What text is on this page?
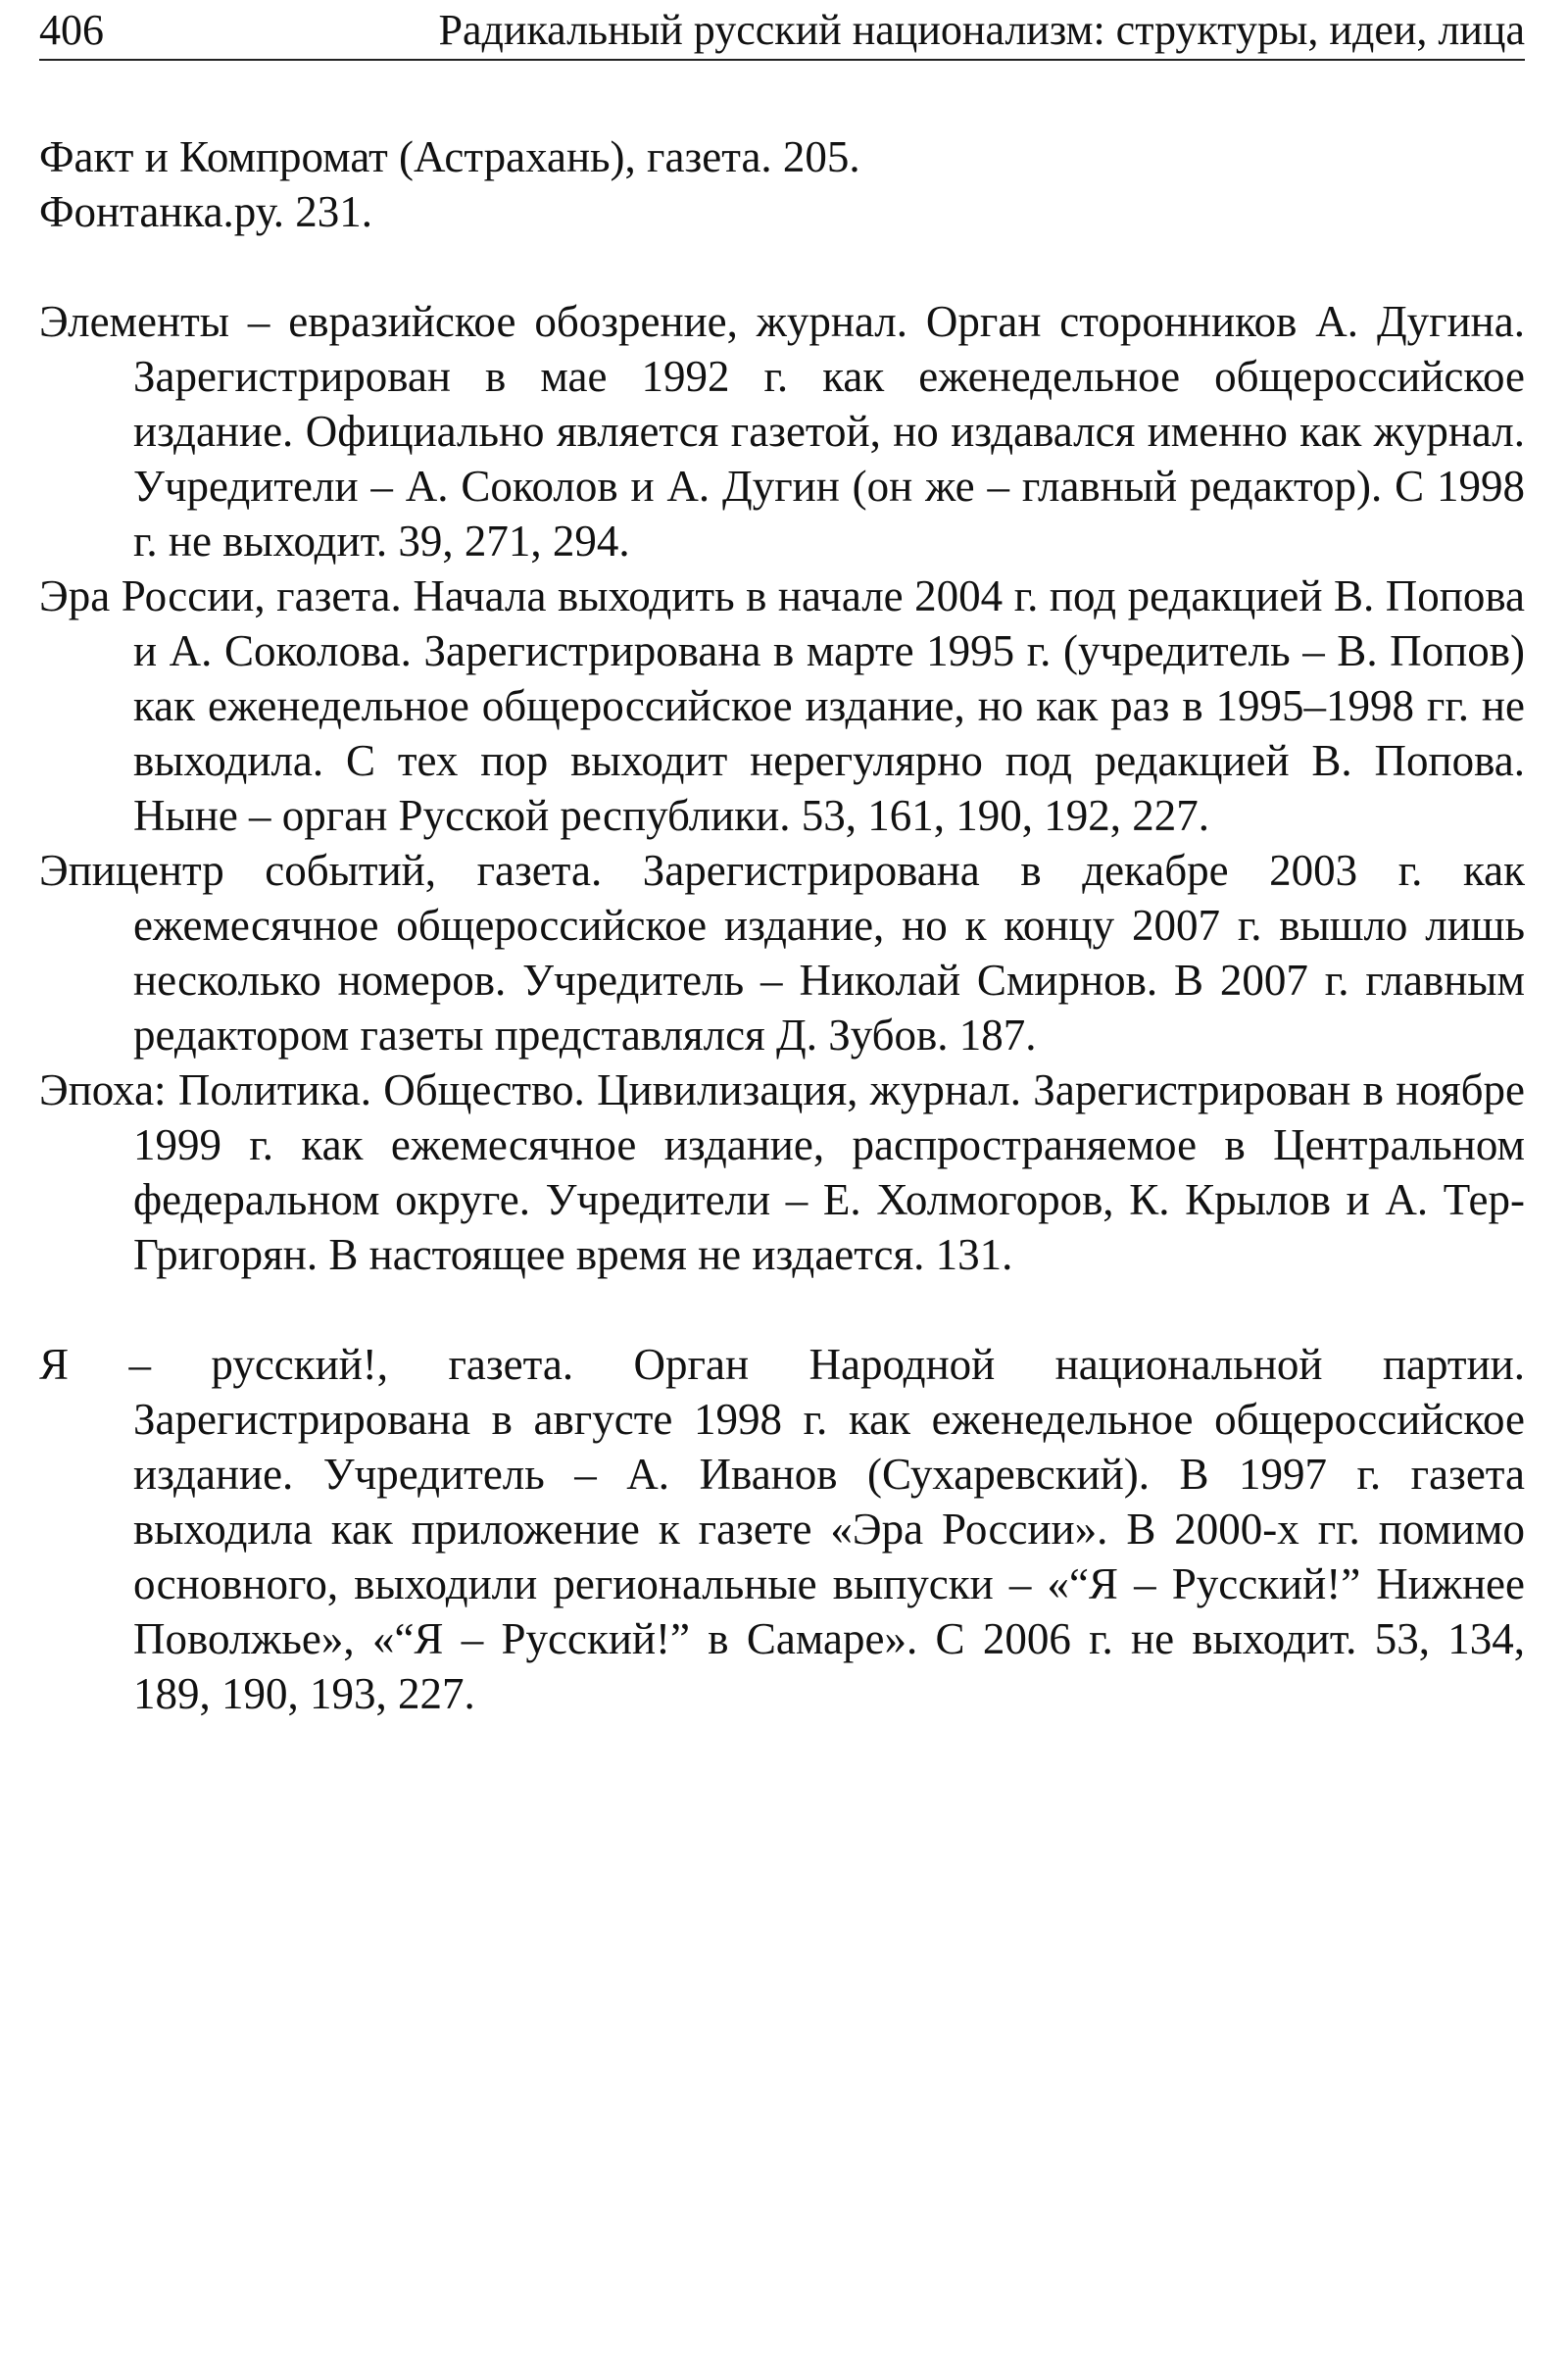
406	Радикальный русский национализм: структуры, идеи, лица

Факт и Компромат (Астрахань), газета. 205.

Фонтанка.ру. 231.

Элементы – евразийское обозрение, журнал. Орган сторонников А. Дугина. Зарегистрирован в мае 1992 г. как еженедельное общероссийское издание. Официально является газетой, но издавался именно как журнал. Учредители – А. Соколов и А. Дугин (он же – главный редактор). С 1998 г. не выходит. 39, 271, 294.

Эра России, газета. Начала выходить в начале 2004 г. под редакцией В. Попова и А. Соколова. Зарегистрирована в марте 1995 г. (учредитель – В. Попов) как еженедельное общероссийское издание, но как раз в 1995–1998 гг. не выходила. С тех пор выходит нерегулярно под редакцией В. Попова. Ныне – орган Русской республики. 53, 161, 190, 192, 227.

Эпицентр событий, газета. Зарегистрирована в декабре 2003 г. как ежемесячное общероссийское издание, но к концу 2007 г. вышло лишь несколько номеров. Учредитель – Николай Смирнов. В 2007 г. главным редактором газеты представлялся Д. Зубов. 187.

Эпоха: Политика. Общество. Цивилизация, журнал. Зарегистрирован в ноябре 1999 г. как ежемесячное издание, распространяемое в Центральном федеральном округе. Учредители – Е. Холмогоров, К. Крылов и А. Тер-Григорян. В настоящее время не издается. 131.

Я – русский!, газета. Орган Народной национальной партии. Зарегистрирована в августе 1998 г. как еженедельное общероссийское издание. Учредитель – А. Иванов (Сухаревский). В 1997 г. газета выходила как приложение к газете «Эра России». В 2000-х гг. помимо основного, выходили региональные выпуски – «“Я – Русский!” Нижнее Поволжье», «“Я – Русский!” в Самаре». С 2006 г. не выходит. 53, 134, 189, 190, 193, 227.
